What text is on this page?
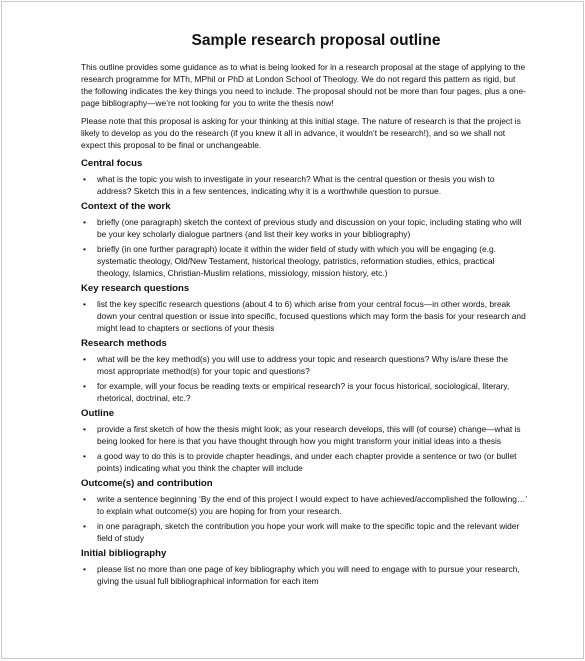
Sample research proposal outline

This outline provides some guidance as to what is being looked for in a research proposal at the stage of applying to the research programme for MTh, MPhil or PhD at London School of Theology. We do not regard this pattern as rigid, but the following indicates the key things you need to include. The proposal should not be more than four pages, plus a one-page bibliography—we’re not looking for you to write the thesis now!

Please note that this proposal is asking for your thinking at this initial stage. The nature of research is that the project is likely to develop as you do the research (if you knew it all in advance, it wouldn’t be research!), and so we shall not expect this proposal to be final or unchangeable.

Central focus
• what is the topic you wish to investigate in your research? What is the central question or thesis you wish to address? Sketch this in a few sentences, indicating why it is a worthwhile question to pursue.
Context of the work
• briefly (one paragraph) sketch the context of previous study and discussion on your topic, including stating who will be your key scholarly dialogue partners (and list their key works in your bibliography)
• briefly (in one further paragraph) locate it within the wider field of study with which you will be engaging (e.g. systematic theology, Old/New Testament, historical theology, patristics, reformation studies, ethics, practical theology, Islamics, Christian-Muslim relations, missiology, mission history, etc.)
Key research questions
• list the key specific research questions (about 4 to 6) which arise from your central focus—in other words, break down your central question or issue into specific, focused questions which may form the basis for your research and might lead to chapters or sections of your thesis
Research methods
• what will be the key method(s) you will use to address your topic and research questions? Why is/are these the most appropriate method(s) for your topic and questions?
• for example, will your focus be reading texts or empirical research? is your focus historical, sociological, literary, rhetorical, doctrinal, etc.?
Outline
• provide a first sketch of how the thesis might look; as your research develops, this will (of course) change—what is being looked for here is that you have thought through how you might transform your initial ideas into a thesis
• a good way to do this is to provide chapter headings, and under each chapter provide a sentence or two (or bullet points) indicating what you think the chapter will include
Outcome(s) and contribution
• write a sentence beginning ‘By the end of this project I would expect to have achieved/accomplished the following…’ to explain what outcome(s) you are hoping for from your research.
• in one paragraph, sketch the contribution you hope your work will make to the specific topic and the relevant wider field of study
Initial bibliography
• please list no more than one page of key bibliography which you will need to engage with to pursue your research, giving the usual full bibliographical information for each item
